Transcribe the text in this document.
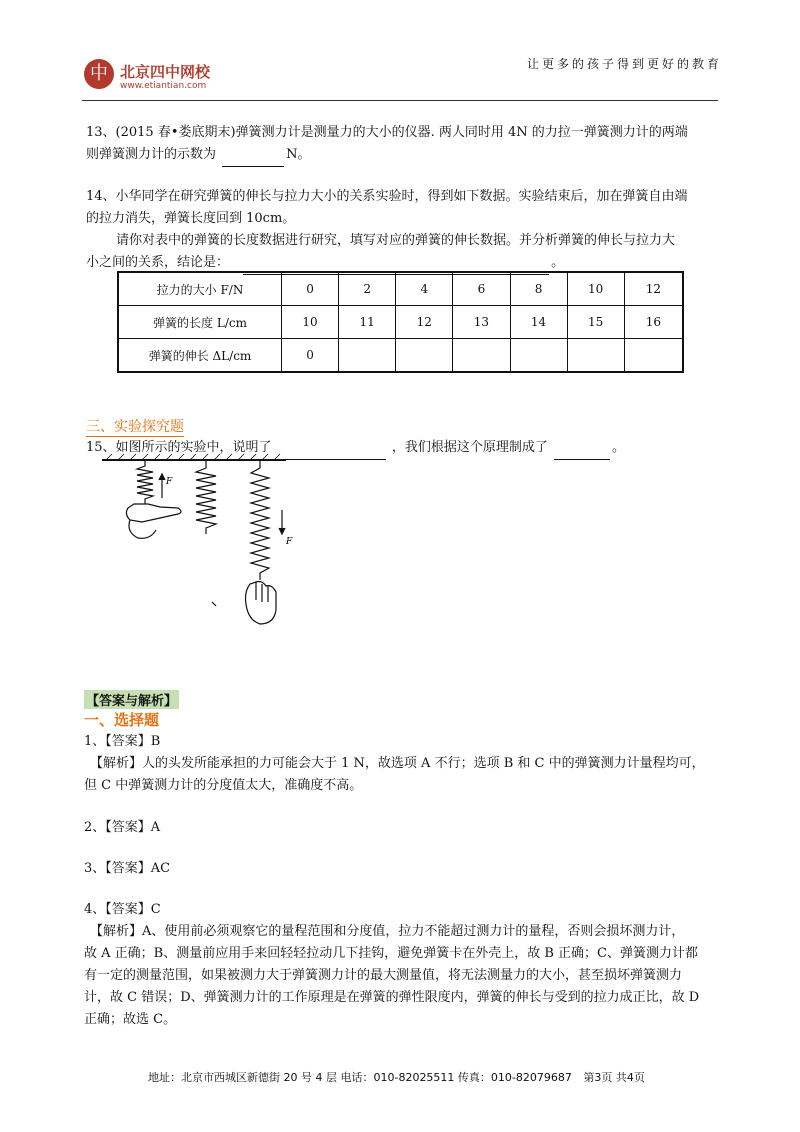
中 北京四中网校
www.etiantian.com
让更多的孩子得到更好的教育
13、(2015 春•娄底期末)弹簧测力计是测量力的大小的仪器. 两人同时用 4N 的力拉一弹簧测力计的两端
则弹簧测力计的示数为	N。
14、小华同学在研究弹簧的伸长与拉力大小的关系实验时，得到如下数据。实验结束后，加在弹簧自由端
的拉力消失，弹簧长度回到 10cm。
请你对表中的弹簧的长度数据进行研究，填写对应的弹簧的伸长数据。并分析弹簧的伸长与拉力大
小之间的关系，结论是：	。
拉力的大小 F/N	0	2	4	6	8	10	12
弹簧的长度 L/cm	10	11	12	13	14	15	16
弹簧的伸长 ΔL/cm	0						
三、实验探究题
15、如图所示的实验中，说明了	，我们根据这个原理制成了	。
F
F
【答案与解析】
一、选择题
1、【答案】B
【解析】人的头发所能承担的力可能会大于 1 N，故选项 A 不行；选项 B 和 C 中的弹簧测力计量程均可，
但 C 中弹簧测力计的分度值太大，准确度不高。
2、【答案】A
3、【答案】AC
4、【答案】C
【解析】A、使用前必须观察它的量程范围和分度值，拉力不能超过测力计的量程，否则会损坏测力计，
故 A 正确；B、测量前应用手来回轻轻拉动几下挂钩，避免弹簧卡在外壳上，故 B 正确；C、弹簧测力计都
有一定的测量范围，如果被测力大于弹簧测力计的最大测量值，将无法测量力的大小，甚至损坏弹簧测力
计，故 C 错误；D、弹簧测力计的工作原理是在弹簧的弹性限度内，弹簧的伸长与受到的拉力成正比，故 D
正确；故选 C。
地址：北京市西城区新德街 20 号 4 层 电话：010-82025511 传真：010-82079687 第3页 共4页
